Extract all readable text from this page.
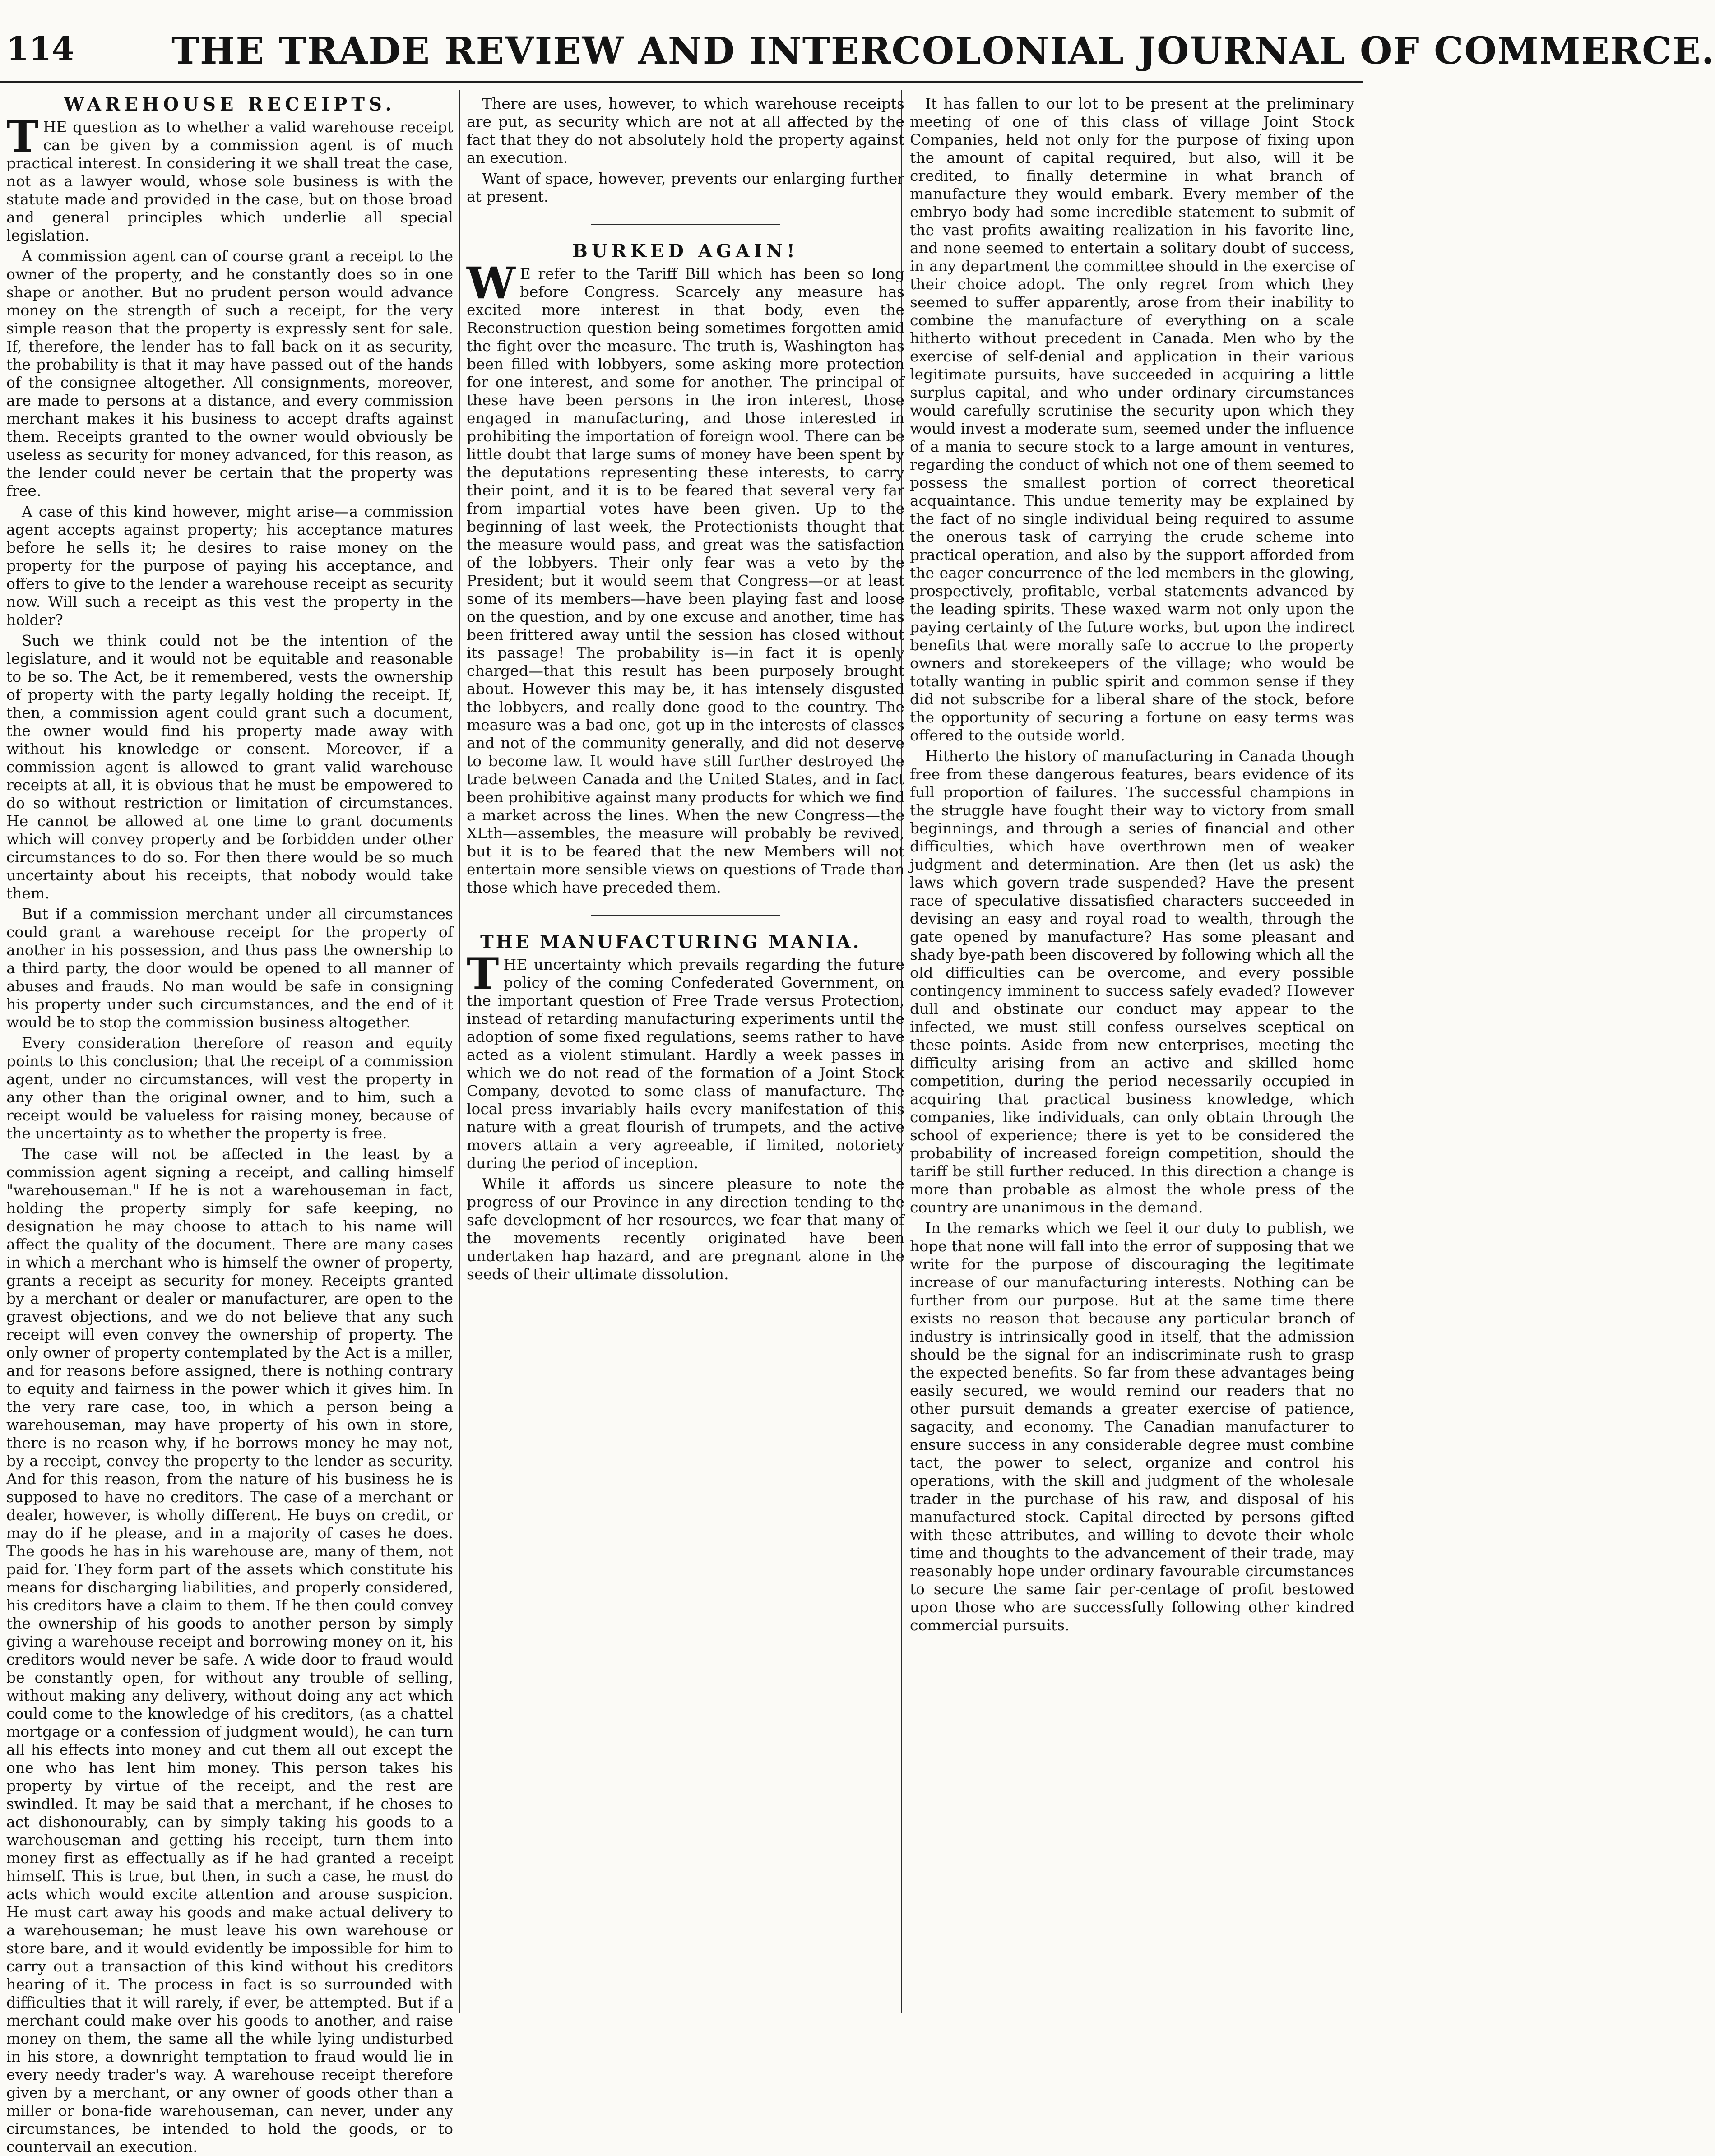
114	THE TRADE REVIEW AND INTERCOLONIAL JOURNAL OF COMMERCE.
WAREHOUSE RECEIPTS.

THE question as to whether a valid warehouse receipt can be given by a commission agent is of much practical interest. In considering it we shall treat the case, not as a lawyer would, whose sole business is with the statute made and provided in the case, but on those broad and general principles which underlie all special legislation.

A commission agent can of course grant a receipt to the owner of the property, and he constantly does so in one shape or another. But no prudent person would advance money on the strength of such a receipt, for the very simple reason that the property is expressly sent for sale. If, therefore, the lender has to fall back on it as security, the probability is that it may have passed out of the hands of the consignee altogether. All consignments, moreover, are made to persons at a distance, and every commission merchant makes it his business to accept drafts against them. Receipts granted to the owner would obviously be useless as security for money advanced, for this reason, as the lender could never be certain that the property was free.

A case of this kind however, might arise—a commission agent accepts against property; his acceptance matures before he sells it; he desires to raise money on the property for the purpose of paying his acceptance, and offers to give to the lender a warehouse receipt as security now. Will such a receipt as this vest the property in the holder?

Such we think could not be the intention of the legislature, and it would not be equitable and reasonable to be so. The Act, be it remembered, vests the ownership of property with the party legally holding the receipt. If, then, a commission agent could grant such a document, the owner would find his property made away with without his knowledge or consent. Moreover, if a commission agent is allowed to grant valid warehouse receipts at all, it is obvious that he must be empowered to do so without restriction or limitation of circumstances. He cannot be allowed at one time to grant documents which will convey property and be forbidden under other circumstances to do so. For then there would be so much uncertainty about his receipts, that nobody would take them.

But if a commission merchant under all circumstances could grant a warehouse receipt for the property of another in his possession, and thus pass the ownership to a third party, the door would be opened to all manner of abuses and frauds. No man would be safe in consigning his property under such circumstances, and the end of it would be to stop the commission business altogether.

Every consideration therefore of reason and equity points to this conclusion; that the receipt of a commission agent, under no circumstances, will vest the property in any other than the original owner, and to him, such a receipt would be valueless for raising money, because of the uncertainty as to whether the property is free.

The case will not be affected in the least by a commission agent signing a receipt, and calling himself "warehouseman." If he is not a warehouseman in fact, holding the property simply for safe keeping, no designation he may choose to attach to his name will affect the quality of the document. There are many cases in which a merchant who is himself the owner of property, grants a receipt as security for money. Receipts granted by a merchant or dealer or manufacturer, are open to the gravest objections, and we do not believe that any such receipt will even convey the ownership of property. The only owner of property contemplated by the Act is a miller, and for reasons before assigned, there is nothing contrary to equity and fairness in the power which it gives him. In the very rare case, too, in which a person being a warehouseman, may have property of his own in store, there is no reason why, if he borrows money he may not, by a receipt, convey the property to the lender as security. And for this reason, from the nature of his business he is supposed to have no creditors. The case of a merchant or dealer, however, is wholly different. He buys on credit, or may do if he please, and in a majority of cases he does. The goods he has in his warehouse are, many of them, not paid for. They form part of the assets which constitute his means for discharging liabilities, and properly considered, his creditors have a claim to them. If he then could convey the ownership of his goods to another person by simply giving a warehouse receipt and borrowing money on it, his creditors would never be safe. A wide door to fraud would be constantly open, for without any trouble of selling, without making any delivery, without doing any act which could come to the knowledge of his creditors, (as a chattel mortgage or a confession of judgment would), he can turn all his effects into money and cut them all out except the one who has lent him money. This person takes his property by virtue of the receipt, and the rest are swindled. It may be said that a merchant, if he choses to act dishonourably, can by simply taking his goods to a warehouseman and getting his receipt, turn them into money first as effectually as if he had granted a receipt himself. This is true, but then, in such a case, he must do acts which would excite attention and arouse suspicion. He must cart away his goods and make actual delivery to a warehouseman; he must leave his own warehouse or store bare, and it would evidently be impossible for him to carry out a transaction of this kind without his creditors hearing of it. The process in fact is so surrounded with difficulties that it will rarely, if ever, be attempted. But if a merchant could make over his goods to another, and raise money on them, the same all the while lying undisturbed in his store, a downright temptation to fraud would lie in every needy trader's way. A warehouse receipt therefore given by a merchant, or any owner of goods other than a miller or bona-fide warehouseman, can never, under any circumstances, be intended to hold the goods, or to countervail an execution.

There are uses, however, to which warehouse receipts are put, as security which are not at all affected by the fact that they do not absolutely hold the property against an execution.

Want of space, however, prevents our enlarging further at present.

BURKED AGAIN!

W E refer to the Tariff Bill which has been so long before Congress. Scarcely any measure has excited more interest in that body, even the Reconstruction question being sometimes forgotten amid the fight over the measure. The truth is, Washington has been filled with lobbyers, some asking more protection for one interest, and some for another. The principal of these have been persons in the iron interest, those engaged in manufacturing, and those interested in prohibiting the importation of foreign wool. There can be little doubt that large sums of money have been spent by the deputations representing these interests, to carry their point, and it is to be feared that several very far from impartial votes have been given. Up to the beginning of last week, the Protectionists thought that the measure would pass, and great was the satisfaction of the lobbyers. Their only fear was a veto by the President; but it would seem that Congress—or at least some of its members—have been playing fast and loose on the question, and by one excuse and another, time has been frittered away until the session has closed without its passage! The probability is—in fact it is openly charged—that this result has been purposely brought about. However this may be, it has intensely disgusted the lobbyers, and really done good to the country. The measure was a bad one, got up in the interests of classes and not of the community generally, and did not deserve to become law. It would have still further destroyed the trade between Canada and the United States, and in fact been prohibitive against many products for which we find a market across the lines. When the new Congress—the XLth—assembles, the measure will probably be revived, but it is to be feared that the new Members will not entertain more sensible views on questions of Trade than those which have preceded them.

THE MANUFACTURING MANIA.

THE uncertainty which prevails regarding the future policy of the coming Confederated Government, on the important question of Free Trade versus Protection, instead of retarding manufacturing experiments until the adoption of some fixed regulations, seems rather to have acted as a violent stimulant. Hardly a week passes in which we do not read of the formation of a Joint Stock Company, devoted to some class of manufacture. The local press invariably hails every manifestation of this nature with a great flourish of trumpets, and the active movers attain a very agreeable, if limited, notoriety during the period of inception.

While it affords us sincere pleasure to note the progress of our Province in any direction tending to the safe development of her resources, we fear that many of the movements recently originated have been undertaken hap hazard, and are pregnant alone in the seeds of their ultimate dissolution.

It has fallen to our lot to be present at the preliminary meeting of one of this class of village Joint Stock Companies, held not only for the purpose of fixing upon the amount of capital required, but also, will it be credited, to finally determine in what branch of manufacture they would embark. Every member of the embryo body had some incredible statement to submit of the vast profits awaiting realization in his favorite line, and none seemed to entertain a solitary doubt of success, in any department the committee should in the exercise of their choice adopt. The only regret from which they seemed to suffer apparently, arose from their inability to combine the manufacture of everything on a scale hitherto without precedent in Canada. Men who by the exercise of self-denial and application in their various legitimate pursuits, have succeeded in acquiring a little surplus capital, and who under ordinary circumstances would carefully scrutinise the security upon which they would invest a moderate sum, seemed under the influence of a mania to secure stock to a large amount in ventures, regarding the conduct of which not one of them seemed to possess the smallest portion of correct theoretical acquaintance. This undue temerity may be explained by the fact of no single individual being required to assume the onerous task of carrying the crude scheme into practical operation, and also by the support afforded from the eager concurrence of the led members in the glowing, prospectively, profitable, verbal statements advanced by the leading spirits. These waxed warm not only upon the paying certainty of the future works, but upon the indirect benefits that were morally safe to accrue to the property owners and storekeepers of the village; who would be totally wanting in public spirit and common sense if they did not subscribe for a liberal share of the stock, before the opportunity of securing a fortune on easy terms was offered to the outside world.

Hitherto the history of manufacturing in Canada though free from these dangerous features, bears evidence of its full proportion of failures. The successful champions in the struggle have fought their way to victory from small beginnings, and through a series of financial and other difficulties, which have overthrown men of weaker judgment and determination. Are then (let us ask) the laws which govern trade suspended? Have the present race of speculative dissatisfied characters succeeded in devising an easy and royal road to wealth, through the gate opened by manufacture? Has some pleasant and shady bye-path been discovered by following which all the old difficulties can be overcome, and every possible contingency imminent to success safely evaded? However dull and obstinate our conduct may appear to the infected, we must still confess ourselves sceptical on these points. Aside from new enterprises, meeting the difficulty arising from an active and skilled home competition, during the period necessarily occupied in acquiring that practical business knowledge, which companies, like individuals, can only obtain through the school of experience; there is yet to be considered the probability of increased foreign competition, should the tariff be still further reduced. In this direction a change is more than probable as almost the whole press of the country are unanimous in the demand.

In the remarks which we feel it our duty to publish, we hope that none will fall into the error of supposing that we write for the purpose of discouraging the legitimate increase of our manufacturing interests. Nothing can be further from our purpose. But at the same time there exists no reason that because any particular branch of industry is intrinsically good in itself, that the admission should be the signal for an indiscriminate rush to grasp the expected benefits. So far from these advantages being easily secured, we would remind our readers that no other pursuit demands a greater exercise of patience, sagacity, and economy. The Canadian manufacturer to ensure success in any considerable degree must combine tact, the power to select, organize and control his operations, with the skill and judgment of the wholesale trader in the purchase of his raw, and disposal of his manufactured stock. Capital directed by persons gifted with these attributes, and willing to devote their whole time and thoughts to the advancement of their trade, may reasonably hope under ordinary favourable circumstances to secure the same fair per-centage of profit bestowed upon those who are successfully following other kindred commercial pursuits.
